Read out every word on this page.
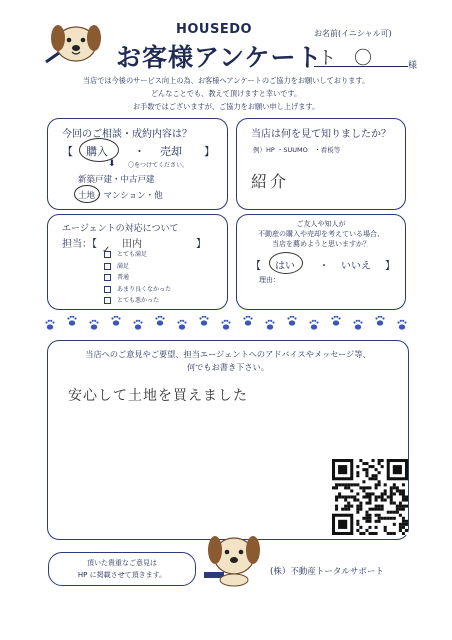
HOUSEDO
お客様アンケート
お名前(イニシャル可)
ト　〇	様
当店では今後のサービス向上の為、お客様へアンケートのご協力をお願いしております。
どんなことでも、教えて頂けますと幸いです。
お手数ではございますが、ご協力をお願い申し上げます。
今回のご相談・成約内容は？
【 購入 ・ 売却 】
⬇ 〇をつけてください。
新築戸建・中古戸建
土地・マンション・他
当店は何を見て知りましたか？
例）HP ・SUUMO　・看板等
紹介
エージェントの対応について
担当：【	田内	】
とても満足
✓
満足
普通
あまり良くなかった
とても悪かった
ご友人や知人が
不動産の購入や売却を考えている場合、
当店を薦めようと思いますか？
【 はい ・ いいえ 】
理由：
当店へのご意見やご要望、担当エージェントへのアドバイスやメッセージ等、
何でもお書き下さい。
安心して土地を買えました
頂いた貴重なご意見は
HP に掲載させて頂きます。	(株）不動産トータルサポート
